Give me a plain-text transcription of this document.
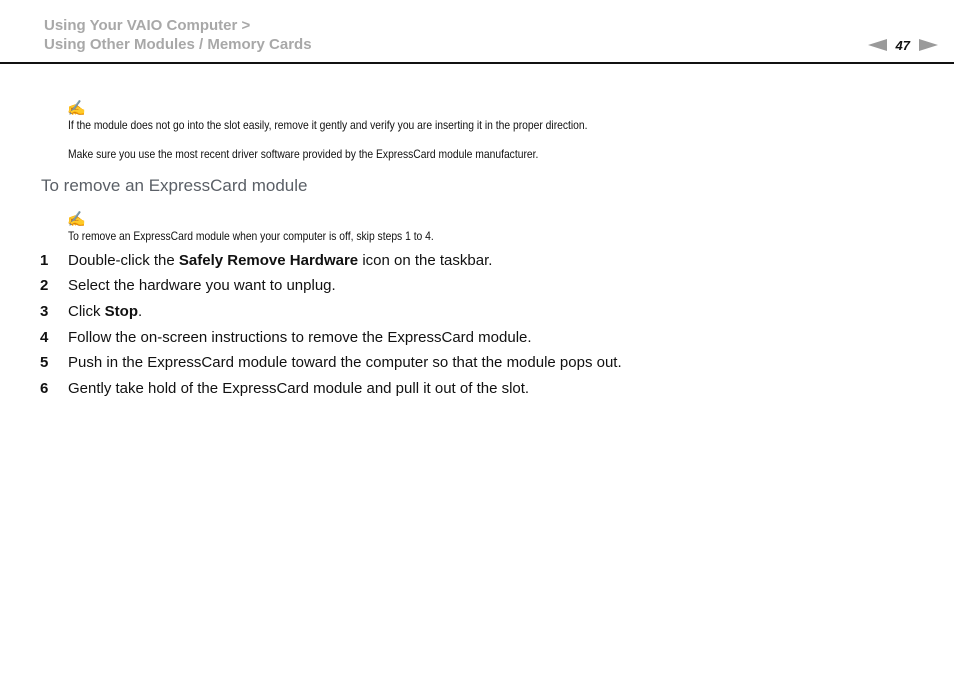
Using Your VAIO Computer >
Using Other Modules / Memory Cards	47
✍
If the module does not go into the slot easily, remove it gently and verify you are inserting it in the proper direction.
Make sure you use the most recent driver software provided by the ExpressCard module manufacturer.
To remove an ExpressCard module
✍
To remove an ExpressCard module when your computer is off, skip steps 1 to 4.
1 Double-click the Safely Remove Hardware icon on the taskbar.
2 Select the hardware you want to unplug.
3 Click Stop.
4 Follow the on-screen instructions to remove the ExpressCard module.
5 Push in the ExpressCard module toward the computer so that the module pops out.
6 Gently take hold of the ExpressCard module and pull it out of the slot.
